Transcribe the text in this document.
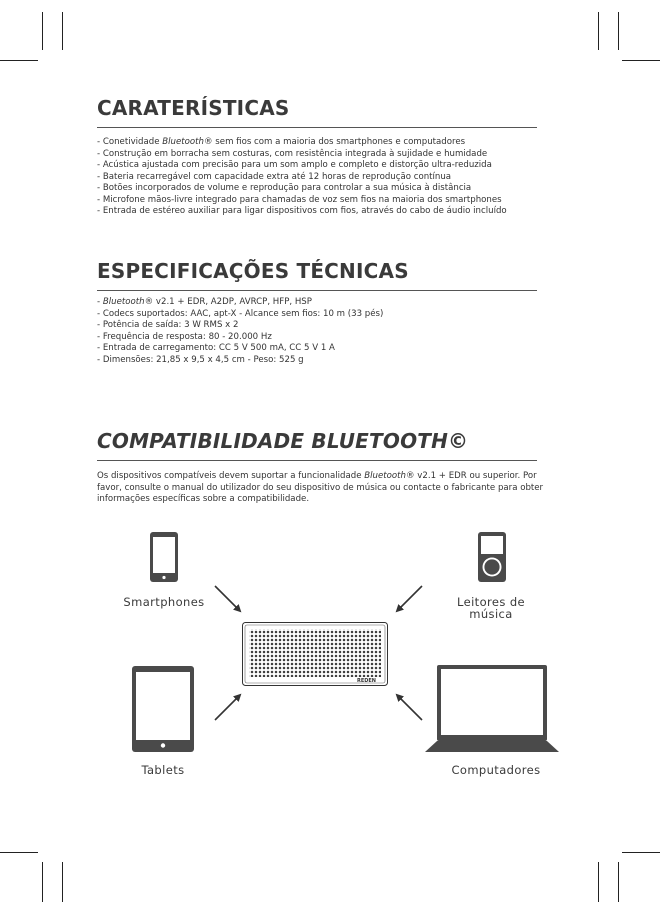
CARATERÍSTICAS
- Conetividade Bluetooth® sem fios com a maioria dos smartphones e computadores
- Construção em borracha sem costuras, com resistência integrada à sujidade e humidade
- Acústica ajustada com precisão para um som amplo e completo e distorção ultra-reduzida
- Bateria recarregável com capacidade extra até 12 horas de reprodução contínua
- Botões incorporados de volume e reprodução para controlar a sua música à distância
- Microfone mãos-livre integrado para chamadas de voz sem fios na maioria dos smartphones
- Entrada de estéreo auxiliar para ligar dispositivos com fios, através do cabo de áudio incluído
ESPECIFICAÇÕES TÉCNICAS
- Bluetooth® v2.1 + EDR, A2DP, AVRCP, HFP, HSP
- Codecs suportados: AAC, apt-X - Alcance sem fios: 10 m (33 pés)
- Potência de saída: 3 W RMS x 2
- Frequência de resposta: 80 - 20.000 Hz
- Entrada de carregamento: CC 5 V 500 mA, CC 5 V 1 A
- Dimensões: 21,85 x 9,5 x 4,5 cm - Peso: 525 g
COMPATIBILIDADE BLUETOOTH©

Os dispositivos compatíveis devem suportar a funcionalidade Bluetooth® v2.1 + EDR ou superior. Por favor, consulte o manual do utilizador do seu dispositivo de música ou contacte o fabricante para obter informações específicas sobre a compatibilidade.

Smartphones	Leitores de
música
Tablets	Computadores
REDEN
